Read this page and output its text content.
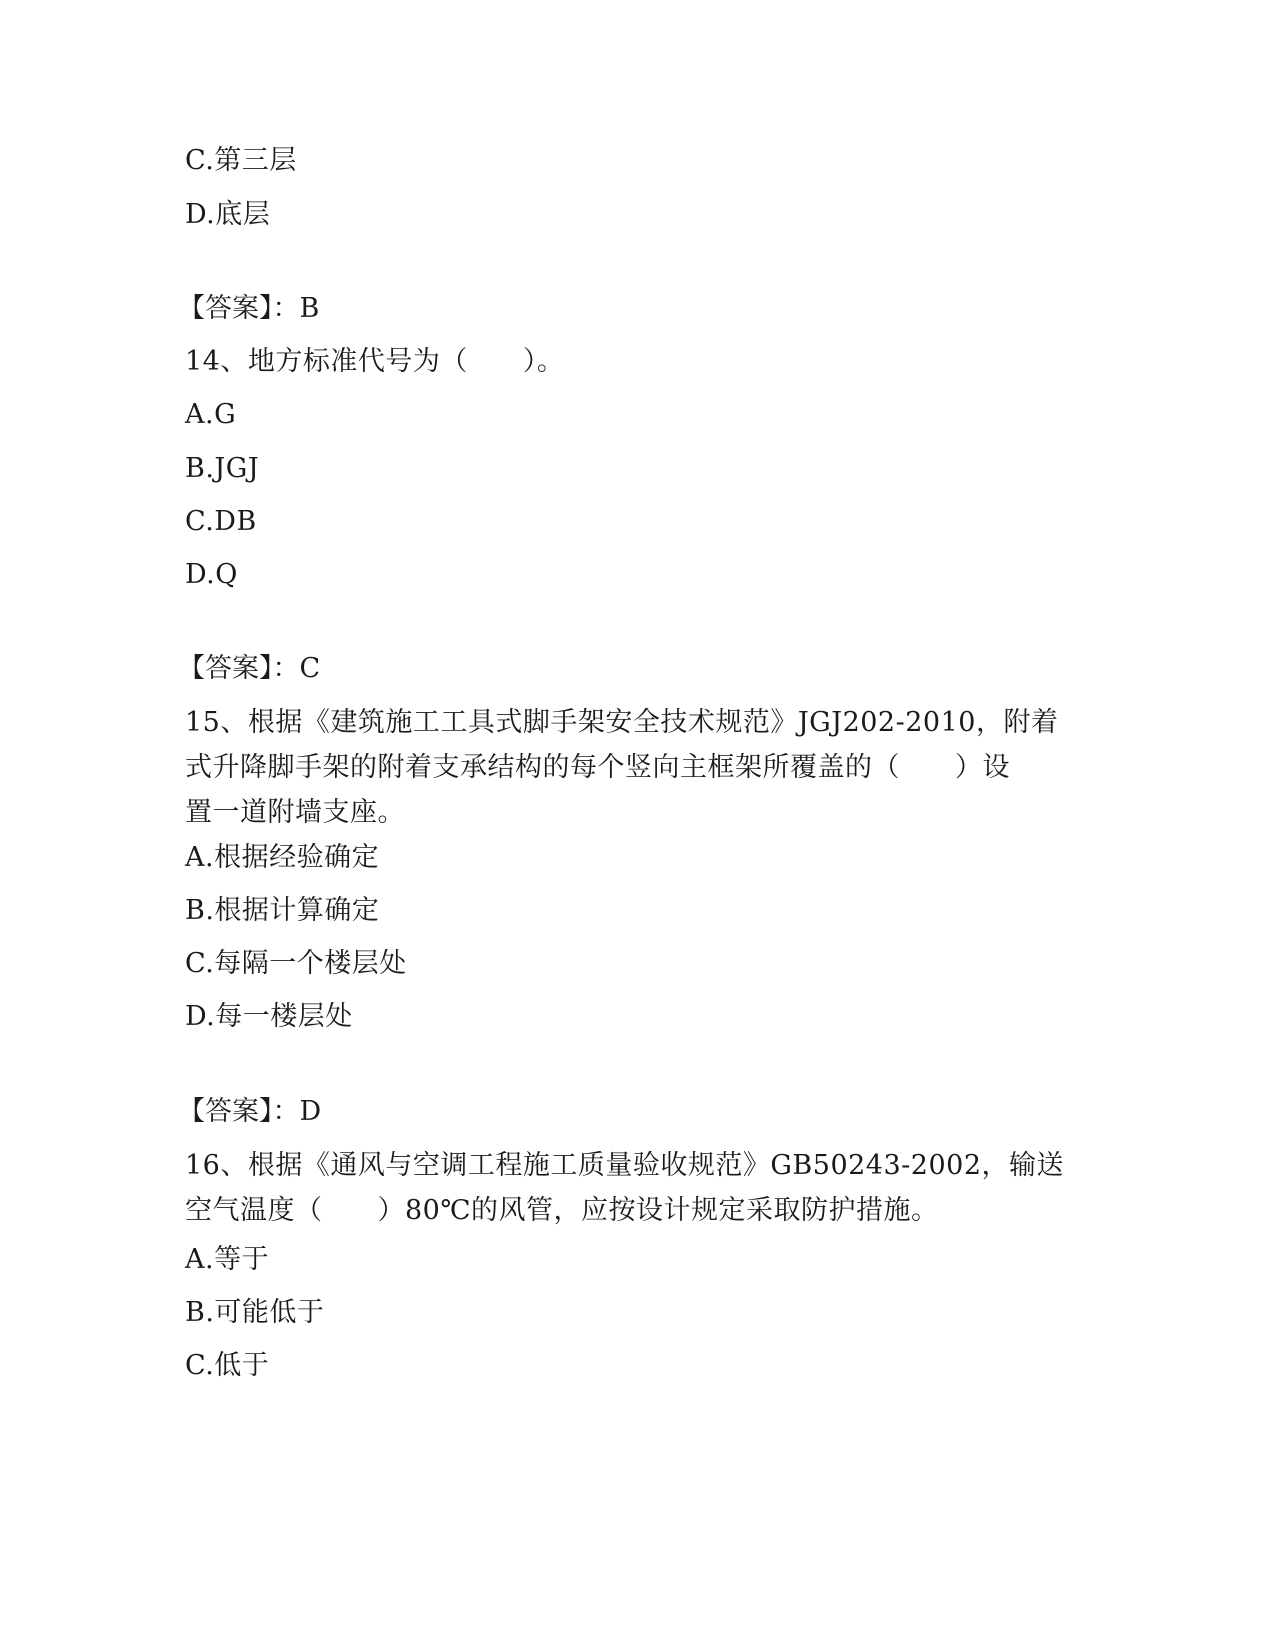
C.第三层
D.底层
【答案】：B
14、地方标准代号为（　　）。
A.G
B.JGJ
C.DB
D.Q
【答案】：C
15、根据《建筑施工工具式脚手架安全技术规范》JGJ202-2010，附着
式升降脚手架的附着支承结构的每个竖向主框架所覆盖的（　　）设
置一道附墙支座。
A.根据经验确定
B.根据计算确定
C.每隔一个楼层处
D.每一楼层处
【答案】：D
16、根据《通风与空调工程施工质量验收规范》GB50243-2002，输送
空气温度（　　）80℃的风管，应按设计规定采取防护措施。
A.等于
B.可能低于
C.低于
